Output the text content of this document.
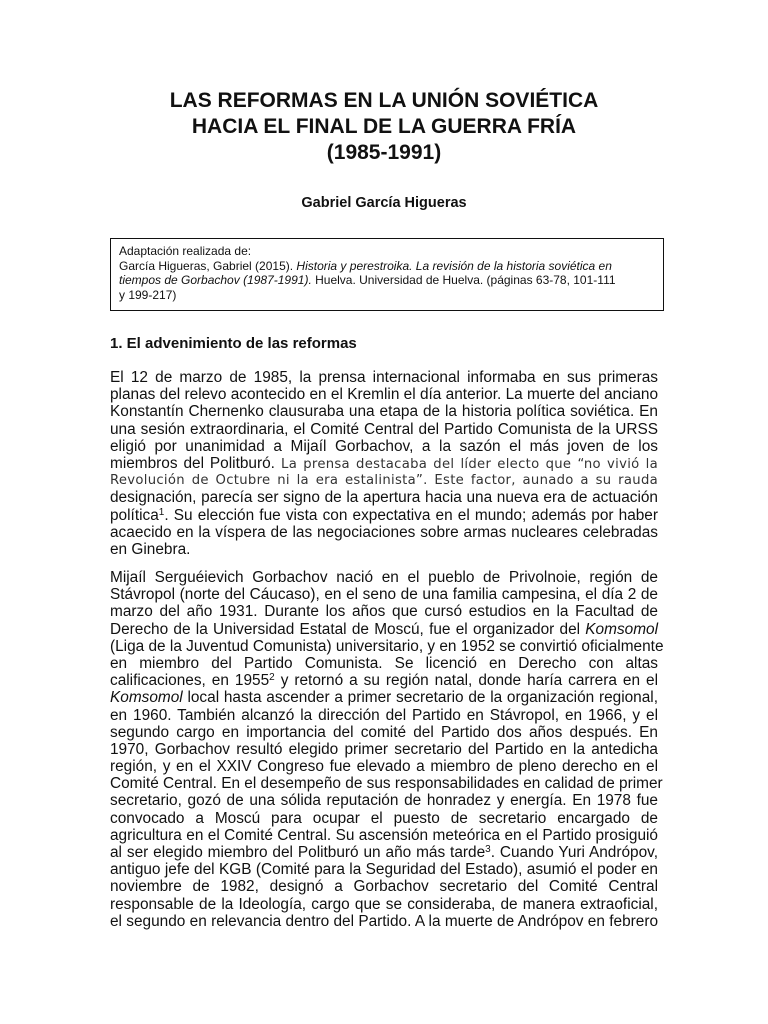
LAS REFORMAS EN LA UNIÓN SOVIÉTICA
HACIA EL FINAL DE LA GUERRA FRÍA
(1985-1991)
Gabriel García Higueras
Adaptación realizada de:
García Higueras, Gabriel (2015). Historia y perestroika. La revisión de la historia soviética en
tiempos de Gorbachov (1987-1991). Huelva. Universidad de Huelva. (páginas 63-78, 101-111
y 199-217)
1. El advenimiento de las reformas
El 12 de marzo de 1985, la prensa internacional informaba en sus primeras
planas del relevo acontecido en el Kremlin el día anterior. La muerte del anciano
Konstantín Chernenko clausuraba una etapa de la historia política soviética. En
una sesión extraordinaria, el Comité Central del Partido Comunista de la URSS
eligió por unanimidad a Mijaíl Gorbachov, a la sazón el más joven de los
miembros del Politburó. La prensa destacaba del líder electo que “no vivió la
Revolución de Octubre ni la era estalinista”. Este factor, aunado a su rauda
designación, parecía ser signo de la apertura hacia una nueva era de actuación
política$^1$. Su elección fue vista con expectativa en el mundo; además por haber
acaecido en la víspera de las negociaciones sobre armas nucleares celebradas
en Ginebra.
Mijaíl Serguéievich Gorbachov nació en el pueblo de Privolnoie, región de
Stávropol (norte del Cáucaso), en el seno de una familia campesina, el día 2 de
marzo del año 1931. Durante los años que cursó estudios en la Facultad de
Derecho de la Universidad Estatal de Moscú, fue el organizador del Komsomol
(Liga de la Juventud Comunista) universitario, y en 1952 se convirtió oficialmente
en miembro del Partido Comunista. Se licenció en Derecho con altas
calificaciones, en 1955$^2$ y retornó a su región natal, donde haría carrera en el
Komsomol local hasta ascender a primer secretario de la organización regional,
en 1960. También alcanzó la dirección del Partido en Stávropol, en 1966, y el
segundo cargo en importancia del comité del Partido dos años después. En
1970, Gorbachov resultó elegido primer secretario del Partido en la antedicha
región, y en el XXIV Congreso fue elevado a miembro de pleno derecho en el
Comité Central. En el desempeño de sus responsabilidades en calidad de primer
secretario, gozó de una sólida reputación de honradez y energía. En 1978 fue
convocado a Moscú para ocupar el puesto de secretario encargado de
agricultura en el Comité Central. Su ascensión meteórica en el Partido prosiguió
al ser elegido miembro del Politburó un año más tarde$^3$. Cuando Yuri Andrópov,
antiguo jefe del KGB (Comité para la Seguridad del Estado), asumió el poder en
noviembre de 1982, designó a Gorbachov secretario del Comité Central
responsable de la Ideología, cargo que se consideraba, de manera extraoficial,
el segundo en relevancia dentro del Partido. A la muerte de Andrópov en febrero
